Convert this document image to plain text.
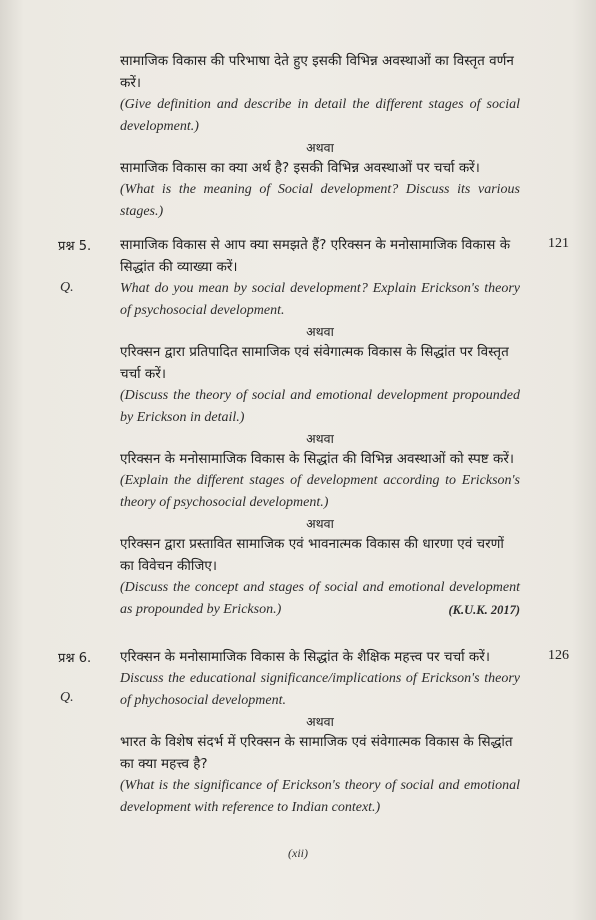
सामाजिक विकास की परिभाषा देते हुए इसकी विभिन्न अवस्थाओं का विस्तृत वर्णन करें।

(Give definition and describe in detail the different stages of social development.)

अथवा

सामाजिक विकास का क्या अर्थ है? इसकी विभिन्न अवस्थाओं पर चर्चा करें।

(What is the meaning of Social development? Discuss its various stages.)

प्रश्न 5.	121
Q.

सामाजिक विकास से आप क्या समझते हैं? एरिक्सन के मनोसामाजिक विकास के सिद्धांत की व्याख्या करें।

What do you mean by social development? Explain Erickson's theory of psychosocial development.

अथवा

एरिक्सन द्वारा प्रतिपादित सामाजिक एवं संवेगात्मक विकास के सिद्धांत पर विस्तृत चर्चा करें।

(Discuss the theory of social and emotional development propounded by Erickson in detail.)

अथवा

एरिक्सन के मनोसामाजिक विकास के सिद्धांत की विभिन्न अवस्थाओं को स्पष्ट करें।

(Explain the different stages of development according to Erickson's theory of psychosocial development.)

अथवा

एरिक्सन द्वारा प्रस्तावित सामाजिक एवं भावनात्मक विकास की धारणा एवं चरणों का विवेचन कीजिए।

(Discuss the concept and stages of social and emotional development as propounded by Erickson.)	(K.U.K. 2017)

प्रश्न 6.	126
Q.

एरिक्सन के मनोसामाजिक विकास के सिद्धांत के शैक्षिक महत्त्व पर चर्चा करें।

Discuss the educational significance/implications of Erickson's theory of phychosocial development.

अथवा

भारत के विशेष संदर्भ में एरिक्सन के सामाजिक एवं संवेगात्मक विकास के सिद्धांत का क्या महत्त्व है?

(What is the significance of Erickson's theory of social and emotional development with reference to Indian context.)

(xii)
